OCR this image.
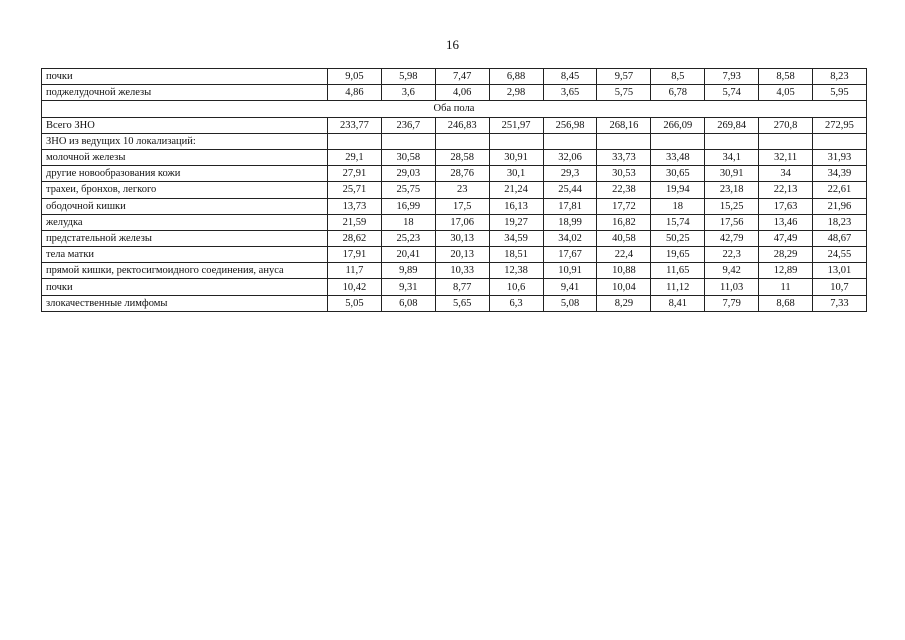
16
почки	9,05	5,98	7,47	6,88	8,45	9,57	8,5	7,93	8,58	8,23
поджелудочной железы	4,86	3,6	4,06	2,98	3,65	5,75	6,78	5,74	4,05	5,95
Оба пола										
Всего ЗНО	233,77	236,7	246,83	251,97	256,98	268,16	266,09	269,84	270,8	272,95
ЗНО из ведущих 10 локализаций:										
молочной железы	29,1	30,58	28,58	30,91	32,06	33,73	33,48	34,1	32,11	31,93
другие новообразования кожи	27,91	29,03	28,76	30,1	29,3	30,53	30,65	30,91	34	34,39
трахеи, бронхов, легкого	25,71	25,75	23	21,24	25,44	22,38	19,94	23,18	22,13	22,61
ободочной кишки	13,73	16,99	17,5	16,13	17,81	17,72	18	15,25	17,63	21,96
желудка	21,59	18	17,06	19,27	18,99	16,82	15,74	17,56	13,46	18,23
предстательной железы	28,62	25,23	30,13	34,59	34,02	40,58	50,25	42,79	47,49	48,67
тела матки	17,91	20,41	20,13	18,51	17,67	22,4	19,65	22,3	28,29	24,55
прямой кишки, ректосигмоидного соединения, ануса	11,7	9,89	10,33	12,38	10,91	10,88	11,65	9,42	12,89	13,01
почки	10,42	9,31	8,77	10,6	9,41	10,04	11,12	11,03	11	10,7
злокачественные лимфомы	5,05	6,08	5,65	6,3	5,08	8,29	8,41	7,79	8,68	7,33
